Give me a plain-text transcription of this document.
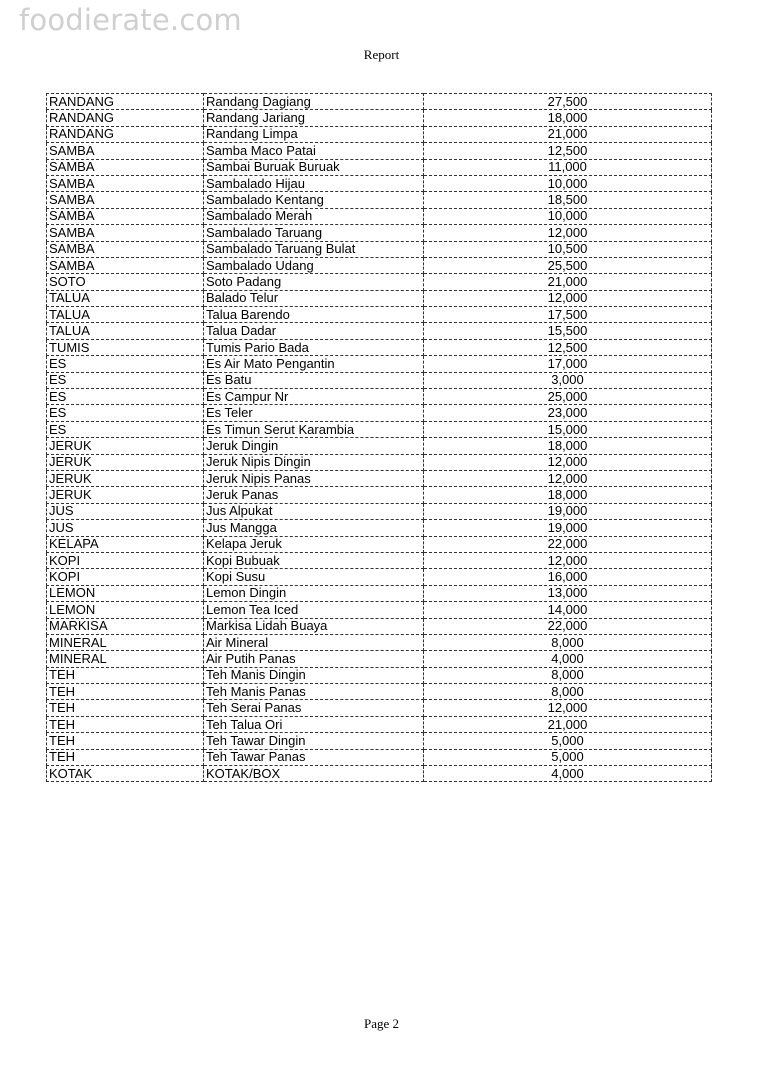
foodierate.com
Report
RANDANG	Randang Dagiang	27,500
RANDANG	Randang Jariang	18,000
RANDANG	Randang Limpa	21,000
SAMBA	Samba Maco Patai	12,500
SAMBA	Sambai Buruak Buruak	11,000
SAMBA	Sambalado Hijau	10,000
SAMBA	Sambalado Kentang	18,500
SAMBA	Sambalado Merah	10,000
SAMBA	Sambalado Taruang	12,000
SAMBA	Sambalado Taruang Bulat	10,500
SAMBA	Sambalado Udang	25,500
SOTO	Soto Padang	21,000
TALUA	Balado Telur	12,000
TALUA	Talua Barendo	17,500
TALUA	Talua Dadar	15,500
TUMIS	Tumis Pario Bada	12,500
ES	Es Air Mato Pengantin	17,000
ES	Es Batu	3,000
ES	Es Campur Nr	25,000
ES	Es Teler	23,000
ES	Es Timun Serut Karambia	15,000
JERUK	Jeruk Dingin	18,000
JERUK	Jeruk Nipis Dingin	12,000
JERUK	Jeruk Nipis Panas	12,000
JERUK	Jeruk Panas	18,000
JUS	Jus Alpukat	19,000
JUS	Jus Mangga	19,000
KELAPA	Kelapa Jeruk	22,000
KOPI	Kopi Bubuak	12,000
KOPI	Kopi Susu	16,000
LEMON	Lemon Dingin	13,000
LEMON	Lemon Tea Iced	14,000
MARKISA	Markisa Lidah Buaya	22,000
MINERAL	Air Mineral	8,000
MINERAL	Air Putih Panas	4,000
TEH	Teh Manis Dingin	8,000
TEH	Teh Manis Panas	8,000
TEH	Teh Serai Panas	12,000
TEH	Teh Talua Ori	21,000
TEH	Teh Tawar Dingin	5,000
TEH	Teh Tawar Panas	5,000
KOTAK	KOTAK/BOX	4,000
Page 2
